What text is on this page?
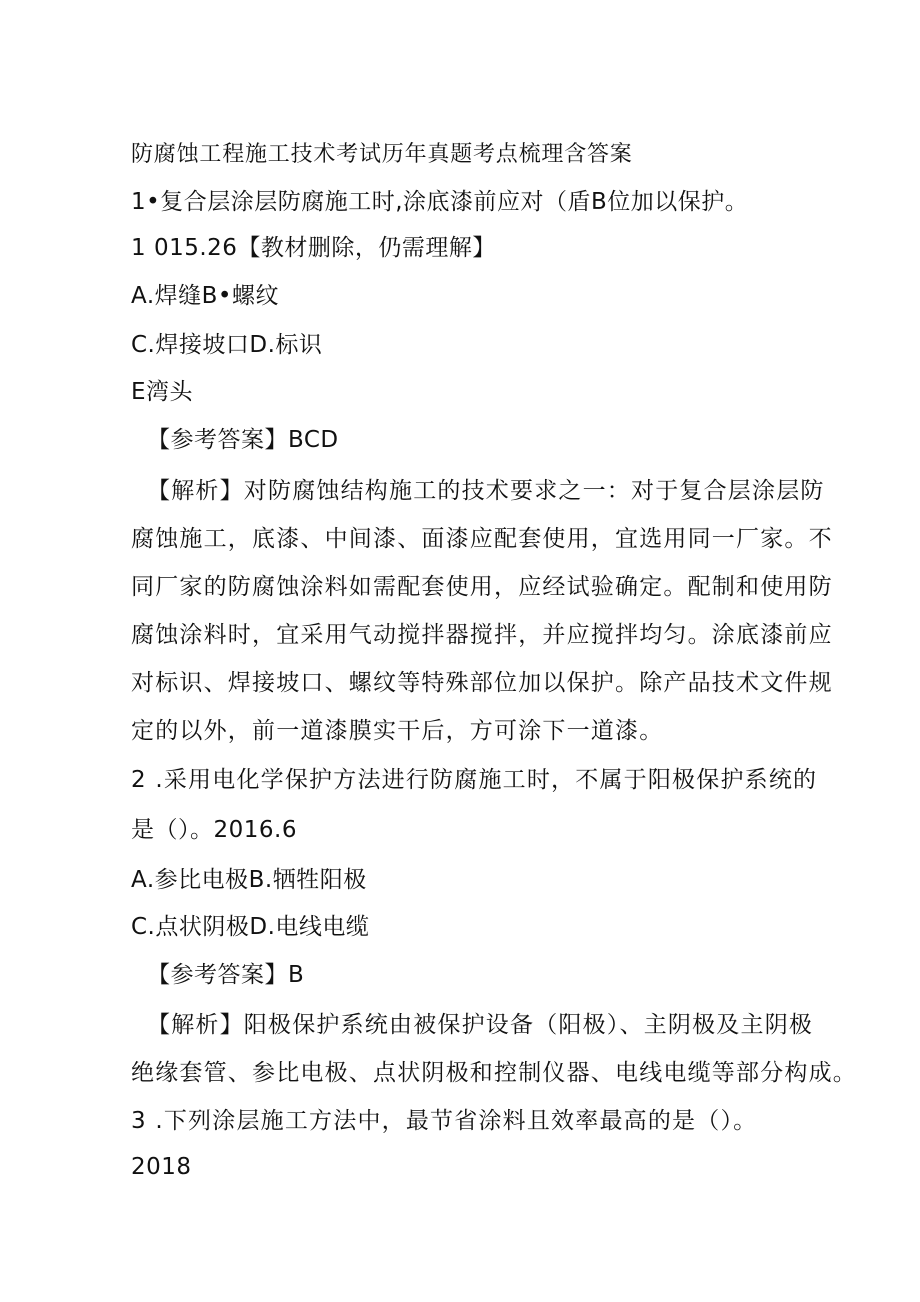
防腐蚀工程施工技术考试历年真题考点梳理含答案
1•复合层涂层防腐施工时,涂底漆前应对（盾Β位加以保护。
1 015.26【教材删除，仍需理解】
A.焊缝B•螺纹
C.焊接坡口D.标识
E湾头
【参考答案】BCD
【解析】对防腐蚀结构施工的技术要求之一：对于复合层涂层防
腐蚀施工，底漆、中间漆、面漆应配套使用，宜选用同一厂家。不
同厂家的防腐蚀涂料如需配套使用，应经试验确定。配制和使用防
腐蚀涂料时，宜采用气动搅拌器搅拌，并应搅拌均匀。涂底漆前应
对标识、焊接坡口、螺纹等特殊部位加以保护。除产品技术文件规
定的以外，前一道漆膜实干后，方可涂下一道漆。
2 .采用电化学保护方法进行防腐施工时，不属于阳极保护系统的
是（）。2016.6
A.参比电极B.牺牲阳极
C.点状阴极D.电线电缆
【参考答案】B
【解析】阳极保护系统由被保护设备（阳极）、主阴极及主阴极
绝缘套管、参比电极、点状阴极和控制仪器、电线电缆等部分构成。
3 .下列涂层施工方法中，最节省涂料且效率最高的是（）。
2018
